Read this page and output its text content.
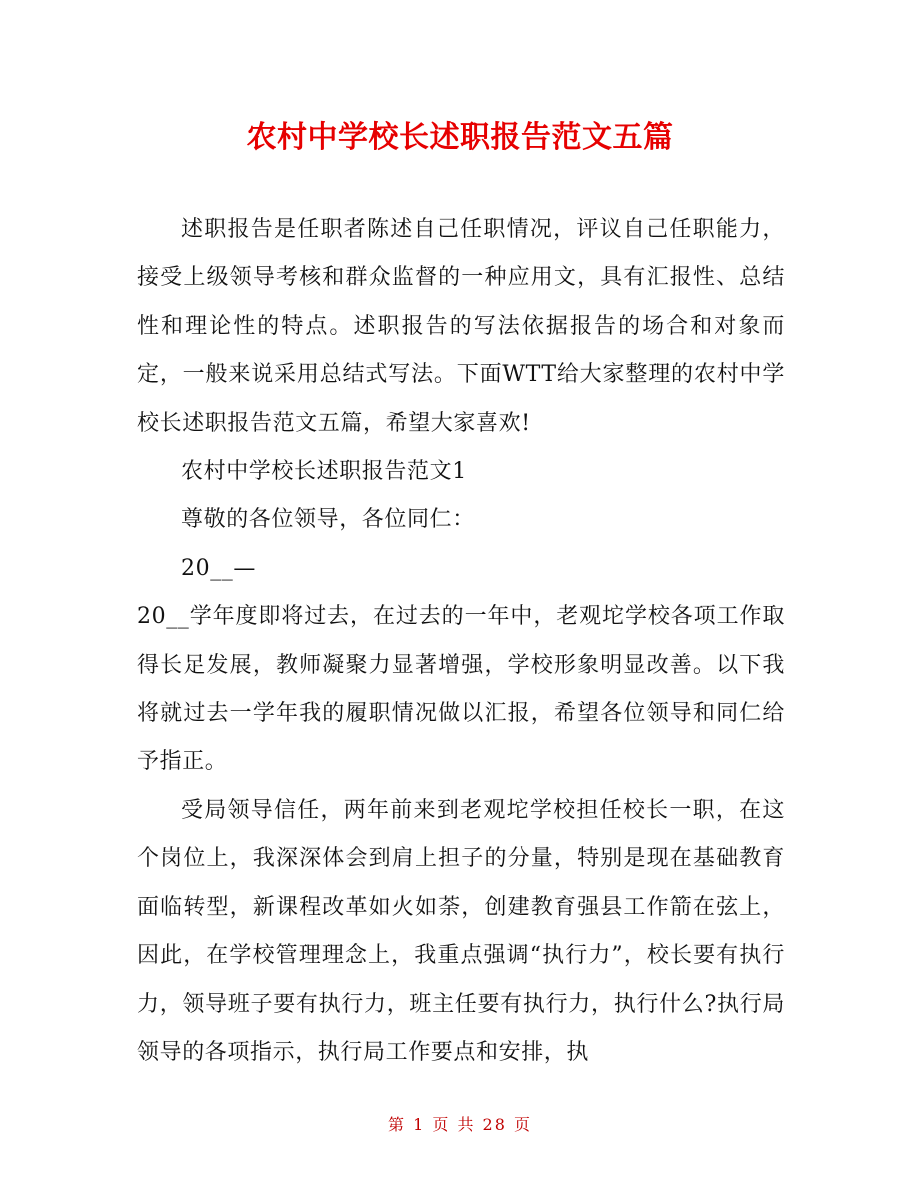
农村中学校长述职报告范文五篇

述职报告是任职者陈述自己任职情况，评议自己任职能力，接受上级领导考核和群众监督的一种应用文，具有汇报性、总结性和理论性的特点。述职报告的写法依据报告的场合和对象而定，一般来说采用总结式写法。下面WTT给大家整理的农村中学校长述职报告范文五篇，希望大家喜欢!

农村中学校长述职报告范文1

尊敬的各位领导，各位同仁：

20__—

20__学年度即将过去，在过去的一年中，老观坨学校各项工作取得长足发展，教师凝聚力显著增强，学校形象明显改善。以下我将就过去一学年我的履职情况做以汇报，希望各位领导和同仁给予指正。

受局领导信任，两年前来到老观坨学校担任校长一职，在这个岗位上，我深深体会到肩上担子的分量，特别是现在基础教育面临转型，新课程改革如火如荼，创建教育强县工作箭在弦上，因此，在学校管理理念上，我重点强调“执行力”，校长要有执行力，领导班子要有执行力，班主任要有执行力，执行什么?执行局领导的各项指示，执行局工作要点和安排，执

第 1 页 共 28 页
